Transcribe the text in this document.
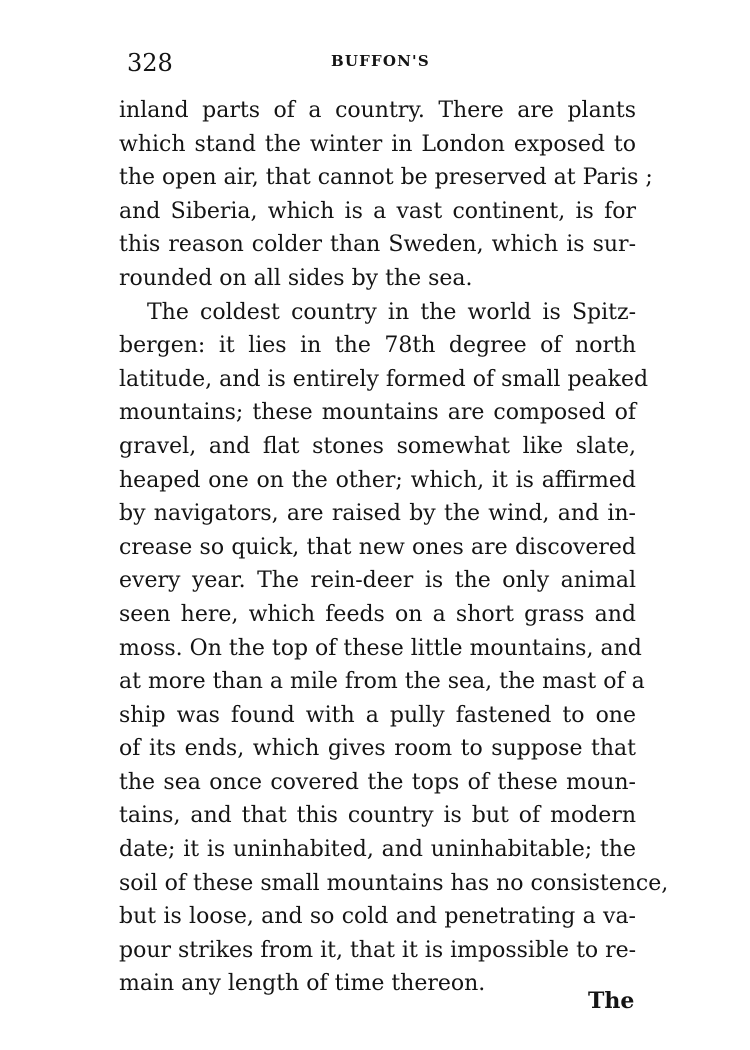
328	BUFFON'S
inland parts of a country. There are plants
which stand the winter in London exposed to
the open air, that cannot be preserved at Paris ;
and Siberia, which is a vast continent, is for
this reason colder than Sweden, which is sur-
rounded on all sides by the sea.
The coldest country in the world is Spitz-
bergen: it lies in the 78th degree of north
latitude, and is entirely formed of small peaked
mountains; these mountains are composed of
gravel, and flat stones somewhat like slate,
heaped one on the other; which, it is affirmed
by navigators, are raised by the wind, and in-
crease so quick, that new ones are discovered
every year. The rein-deer is the only animal
seen here, which feeds on a short grass and
moss. On the top of these little mountains, and
at more than a mile from the sea, the mast of a
ship was found with a pully fastened to one
of its ends, which gives room to suppose that
the sea once covered the tops of these moun-
tains, and that this country is but of modern
date; it is uninhabited, and uninhabitable; the
soil of these small mountains has no consistence,
but is loose, and so cold and penetrating a va-
pour strikes from it, that it is impossible to re-
main any length of time thereon.
The
